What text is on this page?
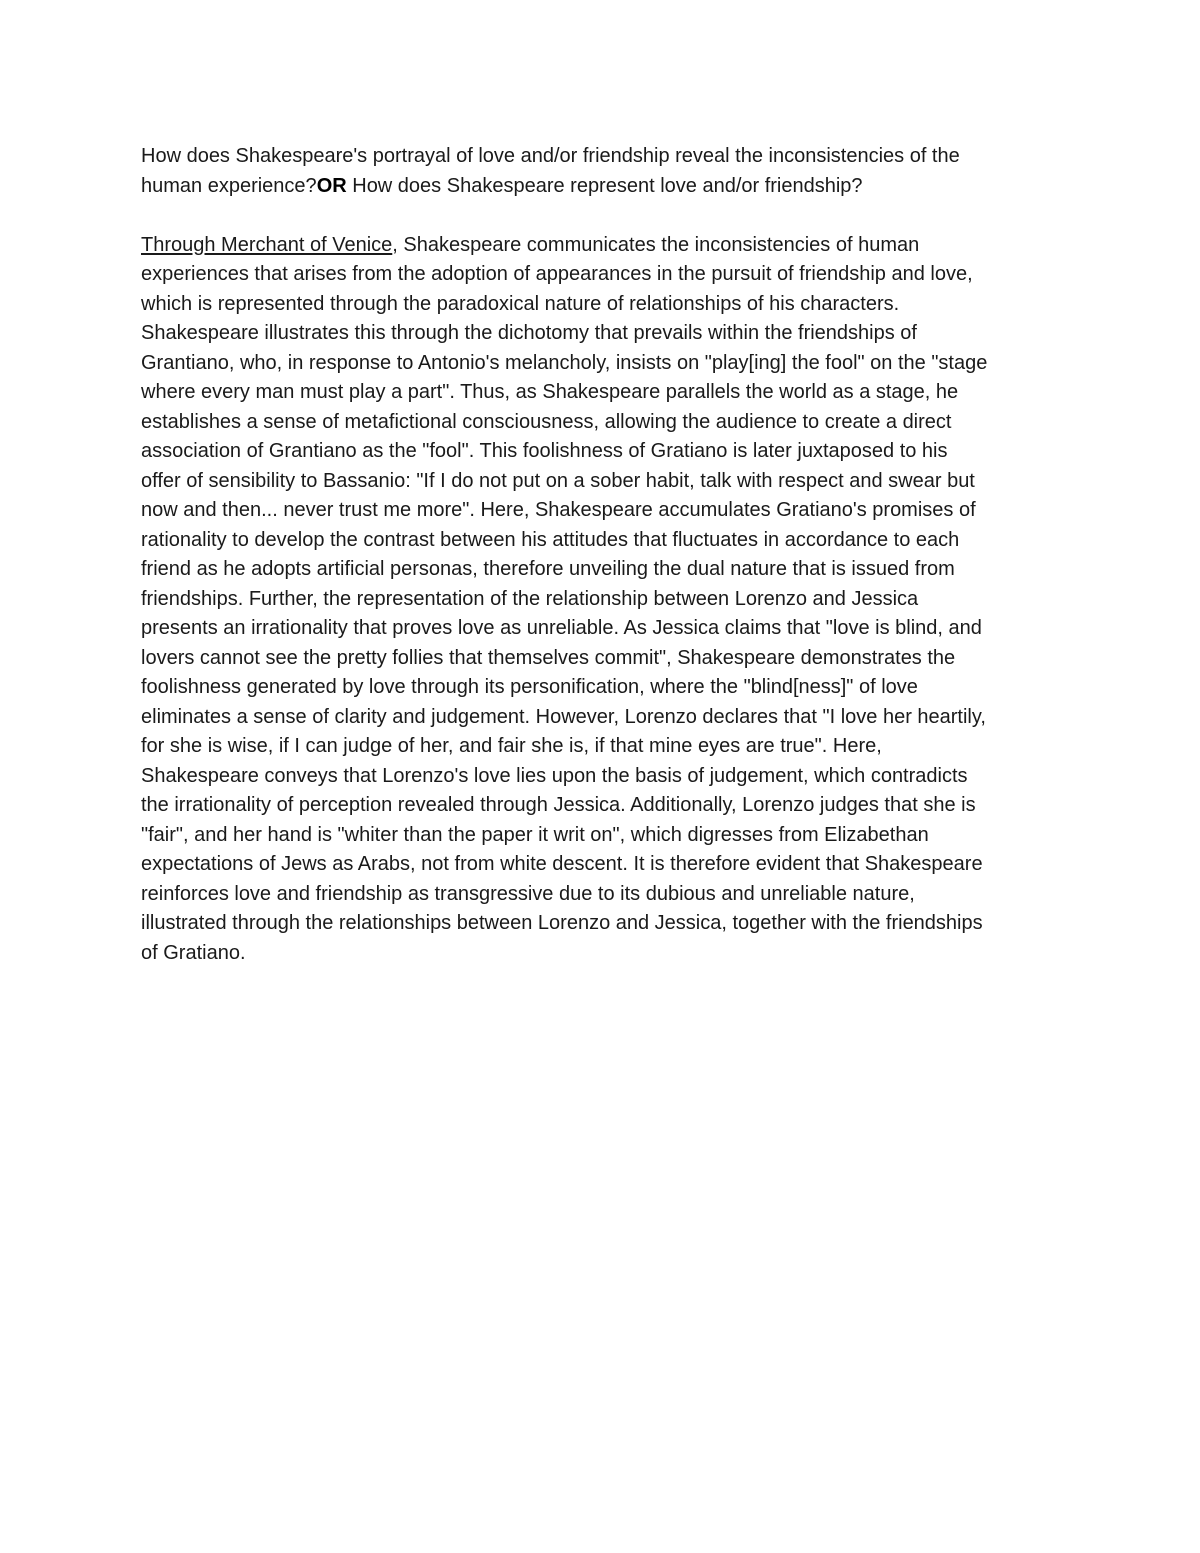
How does Shakespeare's portrayal of love and/or friendship reveal the inconsistencies of the
human experience?OR How does Shakespeare represent love and/or friendship?
Through Merchant of Venice, Shakespeare communicates the inconsistencies of human
experiences that arises from the adoption of appearances in the pursuit of friendship and love,
which is represented through the paradoxical nature of relationships of his characters.
Shakespeare illustrates this through the dichotomy that prevails within the friendships of
Grantiano, who, in response to Antonio's melancholy, insists on "play[ing] the fool" on the "stage
where every man must play a part". Thus, as Shakespeare parallels the world as a stage, he
establishes a sense of metafictional consciousness, allowing the audience to create a direct
association of Grantiano as the "fool". This foolishness of Gratiano is later juxtaposed to his
offer of sensibility to Bassanio: "If I do not put on a sober habit, talk with respect and swear but
now and then... never trust me more". Here, Shakespeare accumulates Gratiano's promises of
rationality to develop the contrast between his attitudes that fluctuates in accordance to each
friend as he adopts artificial personas, therefore unveiling the dual nature that is issued from
friendships. Further, the representation of the relationship between Lorenzo and Jessica
presents an irrationality that proves love as unreliable. As Jessica claims that "love is blind, and
lovers cannot see the pretty follies that themselves commit", Shakespeare demonstrates the
foolishness generated by love through its personification, where the "blind[ness]" of love
eliminates a sense of clarity and judgement. However, Lorenzo declares that "I love her heartily,
for she is wise, if I can judge of her, and fair she is, if that mine eyes are true". Here,
Shakespeare conveys that Lorenzo's love lies upon the basis of judgement, which contradicts
the irrationality of perception revealed through Jessica. Additionally, Lorenzo judges that she is
"fair", and her hand is "whiter than the paper it writ on", which digresses from Elizabethan
expectations of Jews as Arabs, not from white descent. It is therefore evident that Shakespeare
reinforces love and friendship as transgressive due to its dubious and unreliable nature,
illustrated through the relationships between Lorenzo and Jessica, together with the friendships
of Gratiano.
